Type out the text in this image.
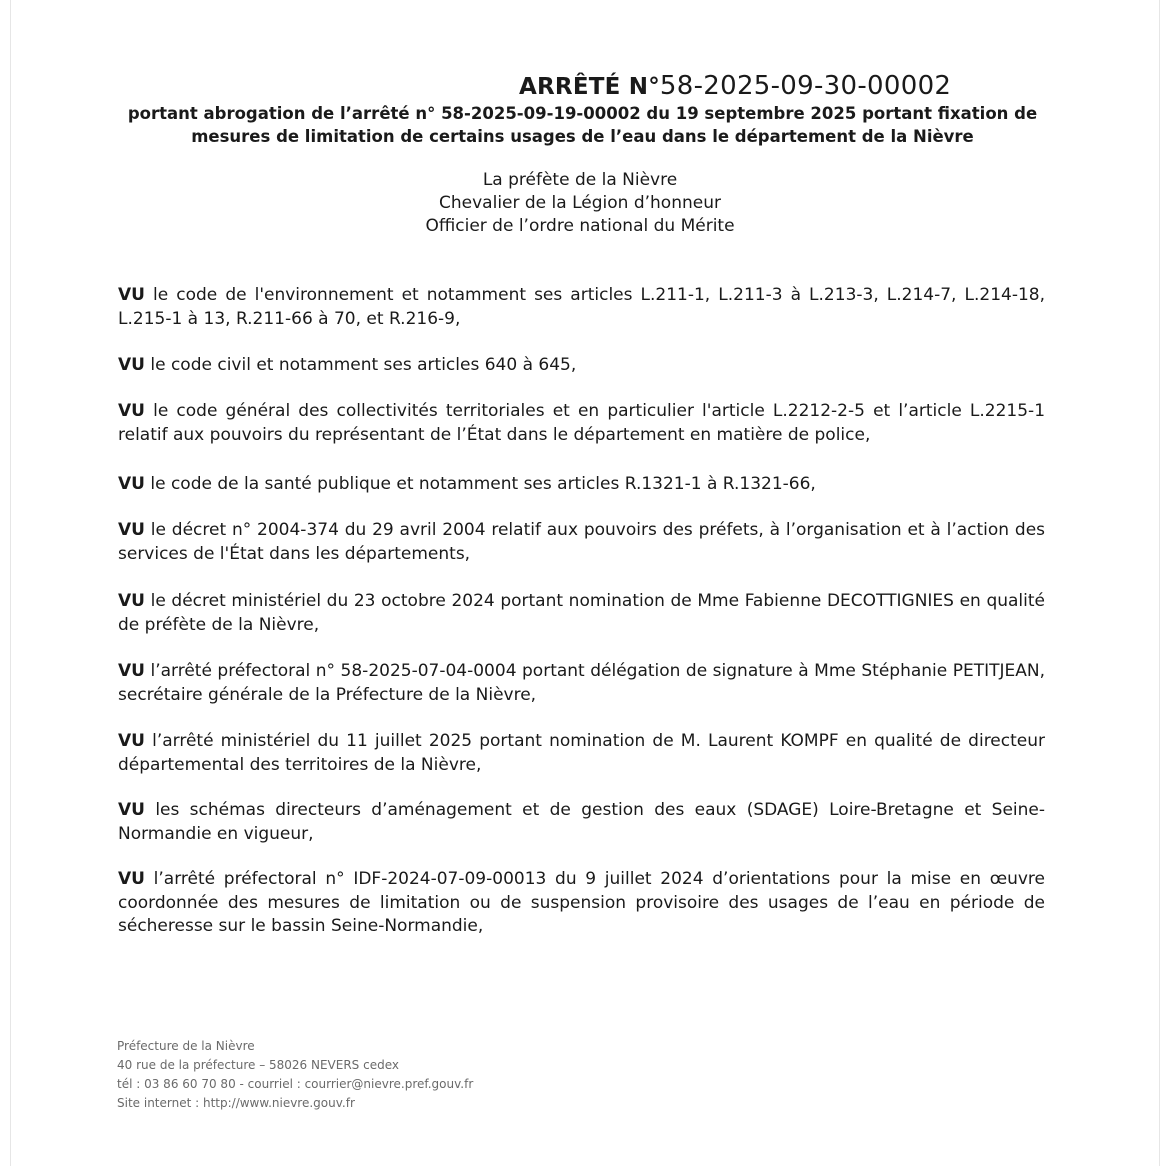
ARRÊTÉ N°58-2025-09-30-00002
portant abrogation de l’arrêté n° 58-2025-09-19-00002 du 19 septembre 2025 portant fixation de
mesures de limitation de certains usages de l’eau dans le département de la Nièvre
La préfète de la Nièvre
Chevalier de la Légion d’honneur
Officier de l’ordre national du Mérite
VU le code de l'environnement et notamment ses articles L.211-1, L.211-3 à L.213-3, L.214-7, L.214-18, L.215-1 à 13, R.211-66 à 70, et R.216-9,
VU le code civil et notamment ses articles 640 à 645,
VU le code général des collectivités territoriales et en particulier l'article L.2212-2-5 et l’article L.2215-1 relatif aux pouvoirs du représentant de l’État dans le département en matière de police,
VU le code de la santé publique et notamment ses articles R.1321-1 à R.1321-66,
VU le décret n° 2004-374 du 29 avril 2004 relatif aux pouvoirs des préfets, à l’organisation et à l’action des services de l'État dans les départements,
VU le décret ministériel du 23 octobre 2024 portant nomination de Mme Fabienne DECOTTIGNIES en qualité de préfète de la Nièvre,
VU l’arrêté préfectoral n° 58-2025-07-04-0004 portant délégation de signature à Mme Stéphanie PETITJEAN, secrétaire générale de la Préfecture de la Nièvre,
VU l’arrêté ministériel du 11 juillet 2025 portant nomination de M. Laurent KOMPF en qualité de directeur départemental des territoires de la Nièvre,
VU les schémas directeurs d’aménagement et de gestion des eaux (SDAGE) Loire-Bretagne et Seine-Normandie en vigueur,
VU l’arrêté préfectoral n° IDF-2024-07-09-00013 du 9 juillet 2024 d’orientations pour la mise en œuvre coordonnée des mesures de limitation ou de suspension provisoire des usages de l’eau en période de sécheresse sur le bassin Seine-Normandie,
Préfecture de la Nièvre
40 rue de la préfecture – 58026 NEVERS cedex
tél : 03 86 60 70 80 - courriel : courrier@nievre.pref.gouv.fr
Site internet : http://www.nievre.gouv.fr
